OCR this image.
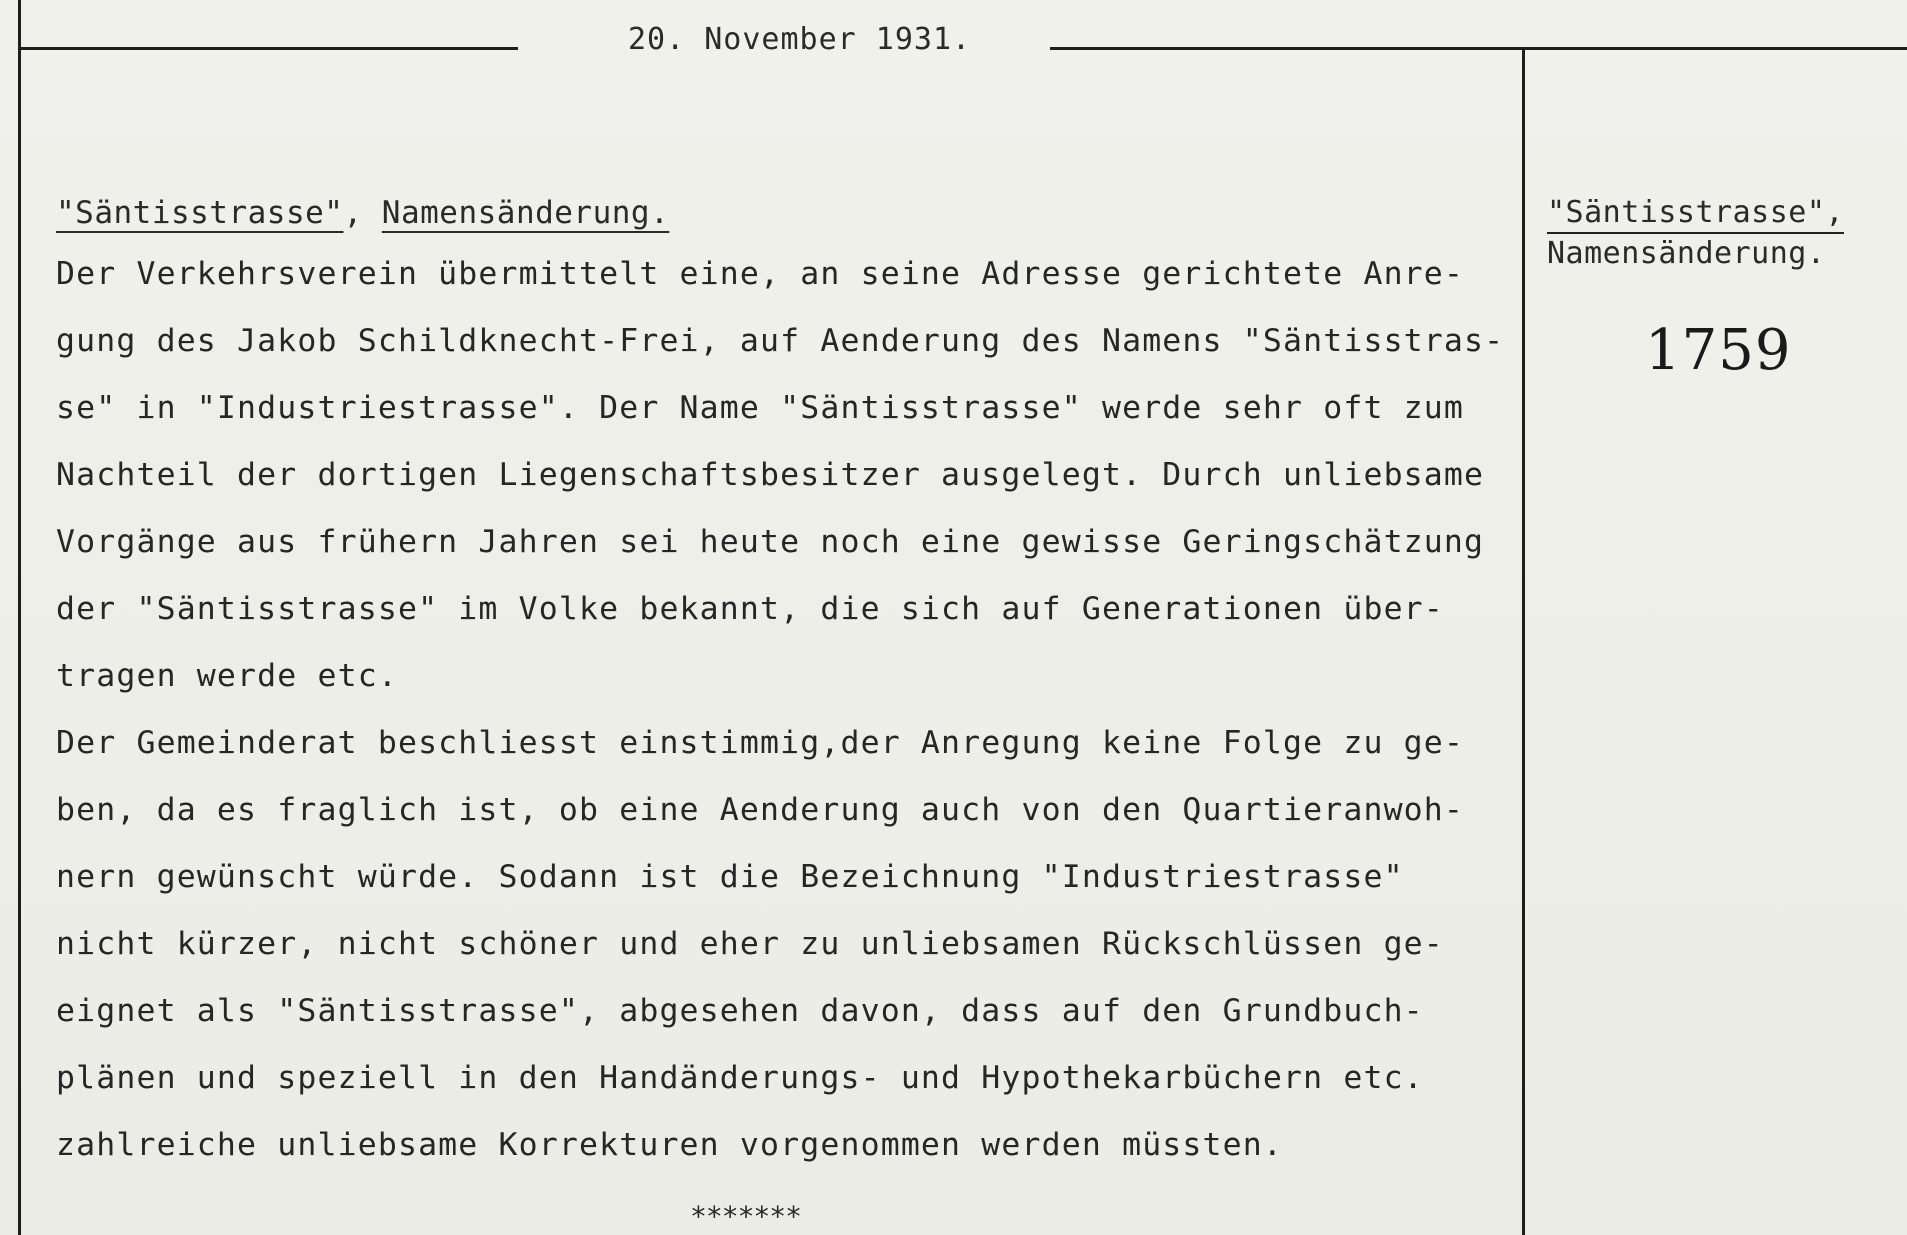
20. November 1931.
"Säntisstrasse", Namensänderung.
Der Verkehrsverein übermittelt eine, an seine Adresse gerichtete Anre-
gung des Jakob Schildknecht-Frei, auf Aenderung des Namens "Säntisstras-
se" in "Industriestrasse". Der Name "Säntisstrasse" werde sehr oft zum
Nachteil der dortigen Liegenschaftsbesitzer ausgelegt. Durch unliebsame
Vorgänge aus frühern Jahren sei heute noch eine gewisse Geringschätzung
der "Säntisstrasse" im Volke bekannt, die sich auf Generationen über-
tragen werde etc.
Der Gemeinderat beschliesst einstimmig,der Anregung keine Folge zu ge-
ben, da es fraglich ist, ob eine Aenderung auch von den Quartieranwoh-
nern gewünscht würde. Sodann ist die Bezeichnung "Industriestrasse"
nicht kürzer, nicht schöner und eher zu unliebsamen Rückschlüssen ge-
eignet als "Säntisstrasse", abgesehen davon, dass auf den Grundbuch-
plänen und speziell in den Handänderungs- und Hypothekarbüchern etc.
zahlreiche unliebsame Korrekturen vorgenommen werden müssten.
*******
"Säntisstrasse",
Namensänderung.
1759
